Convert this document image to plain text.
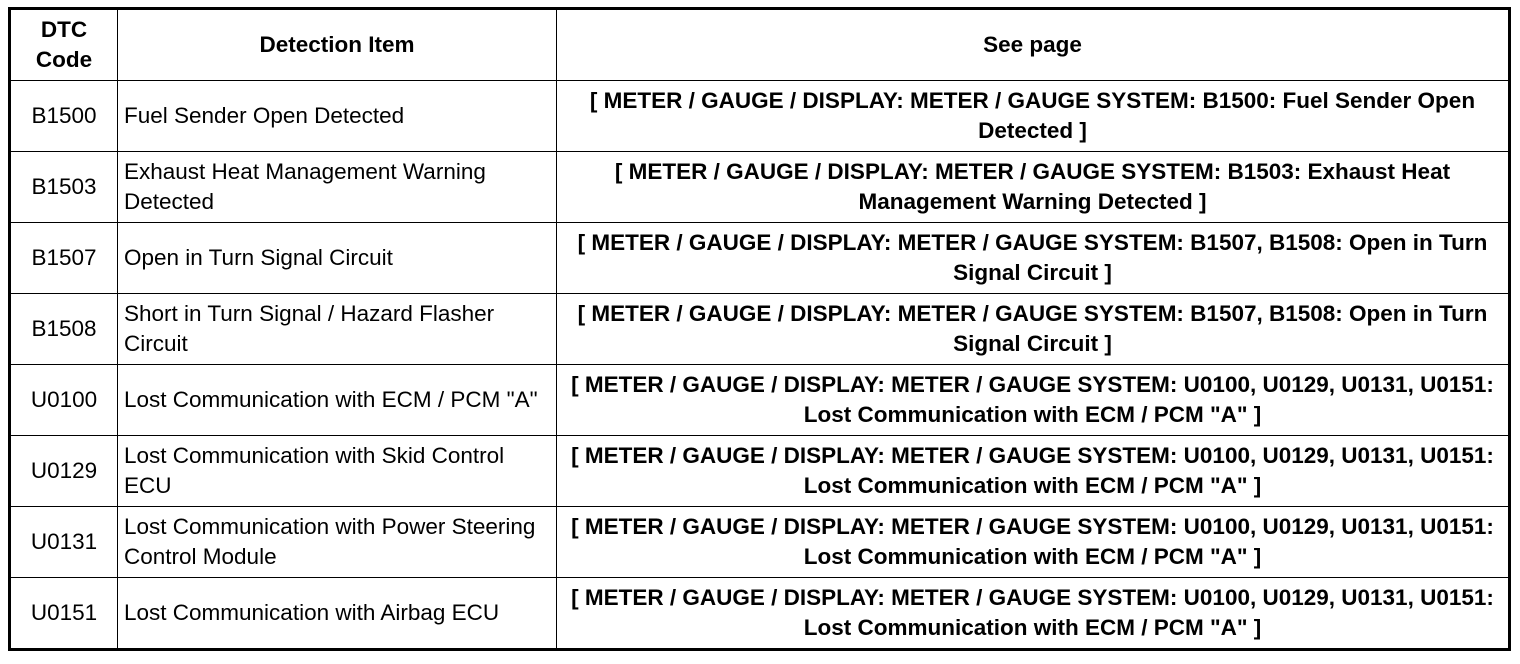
DTC Code	Detection Item	See page
B1500	Fuel Sender Open Detected	[ METER / GAUGE / DISPLAY: METER / GAUGE SYSTEM: B1500: Fuel Sender Open Detected ]
B1503	Exhaust Heat Management Warning Detected	[ METER / GAUGE / DISPLAY: METER / GAUGE SYSTEM: B1503: Exhaust Heat Management Warning Detected ]
B1507	Open in Turn Signal Circuit	[ METER / GAUGE / DISPLAY: METER / GAUGE SYSTEM: B1507, B1508: Open in Turn Signal Circuit ]
B1508	Short in Turn Signal / Hazard Flasher Circuit	[ METER / GAUGE / DISPLAY: METER / GAUGE SYSTEM: B1507, B1508: Open in Turn Signal Circuit ]
U0100	Lost Communication with ECM / PCM "A"	[ METER / GAUGE / DISPLAY: METER / GAUGE SYSTEM: U0100, U0129, U0131, U0151: Lost Communication with ECM / PCM "A" ]
U0129	Lost Communication with Skid Control ECU	[ METER / GAUGE / DISPLAY: METER / GAUGE SYSTEM: U0100, U0129, U0131, U0151: Lost Communication with ECM / PCM "A" ]
U0131	Lost Communication with Power Steering Control Module	[ METER / GAUGE / DISPLAY: METER / GAUGE SYSTEM: U0100, U0129, U0131, U0151: Lost Communication with ECM / PCM "A" ]
U0151	Lost Communication with Airbag ECU	[ METER / GAUGE / DISPLAY: METER / GAUGE SYSTEM: U0100, U0129, U0131, U0151: Lost Communication with ECM / PCM "A" ]
